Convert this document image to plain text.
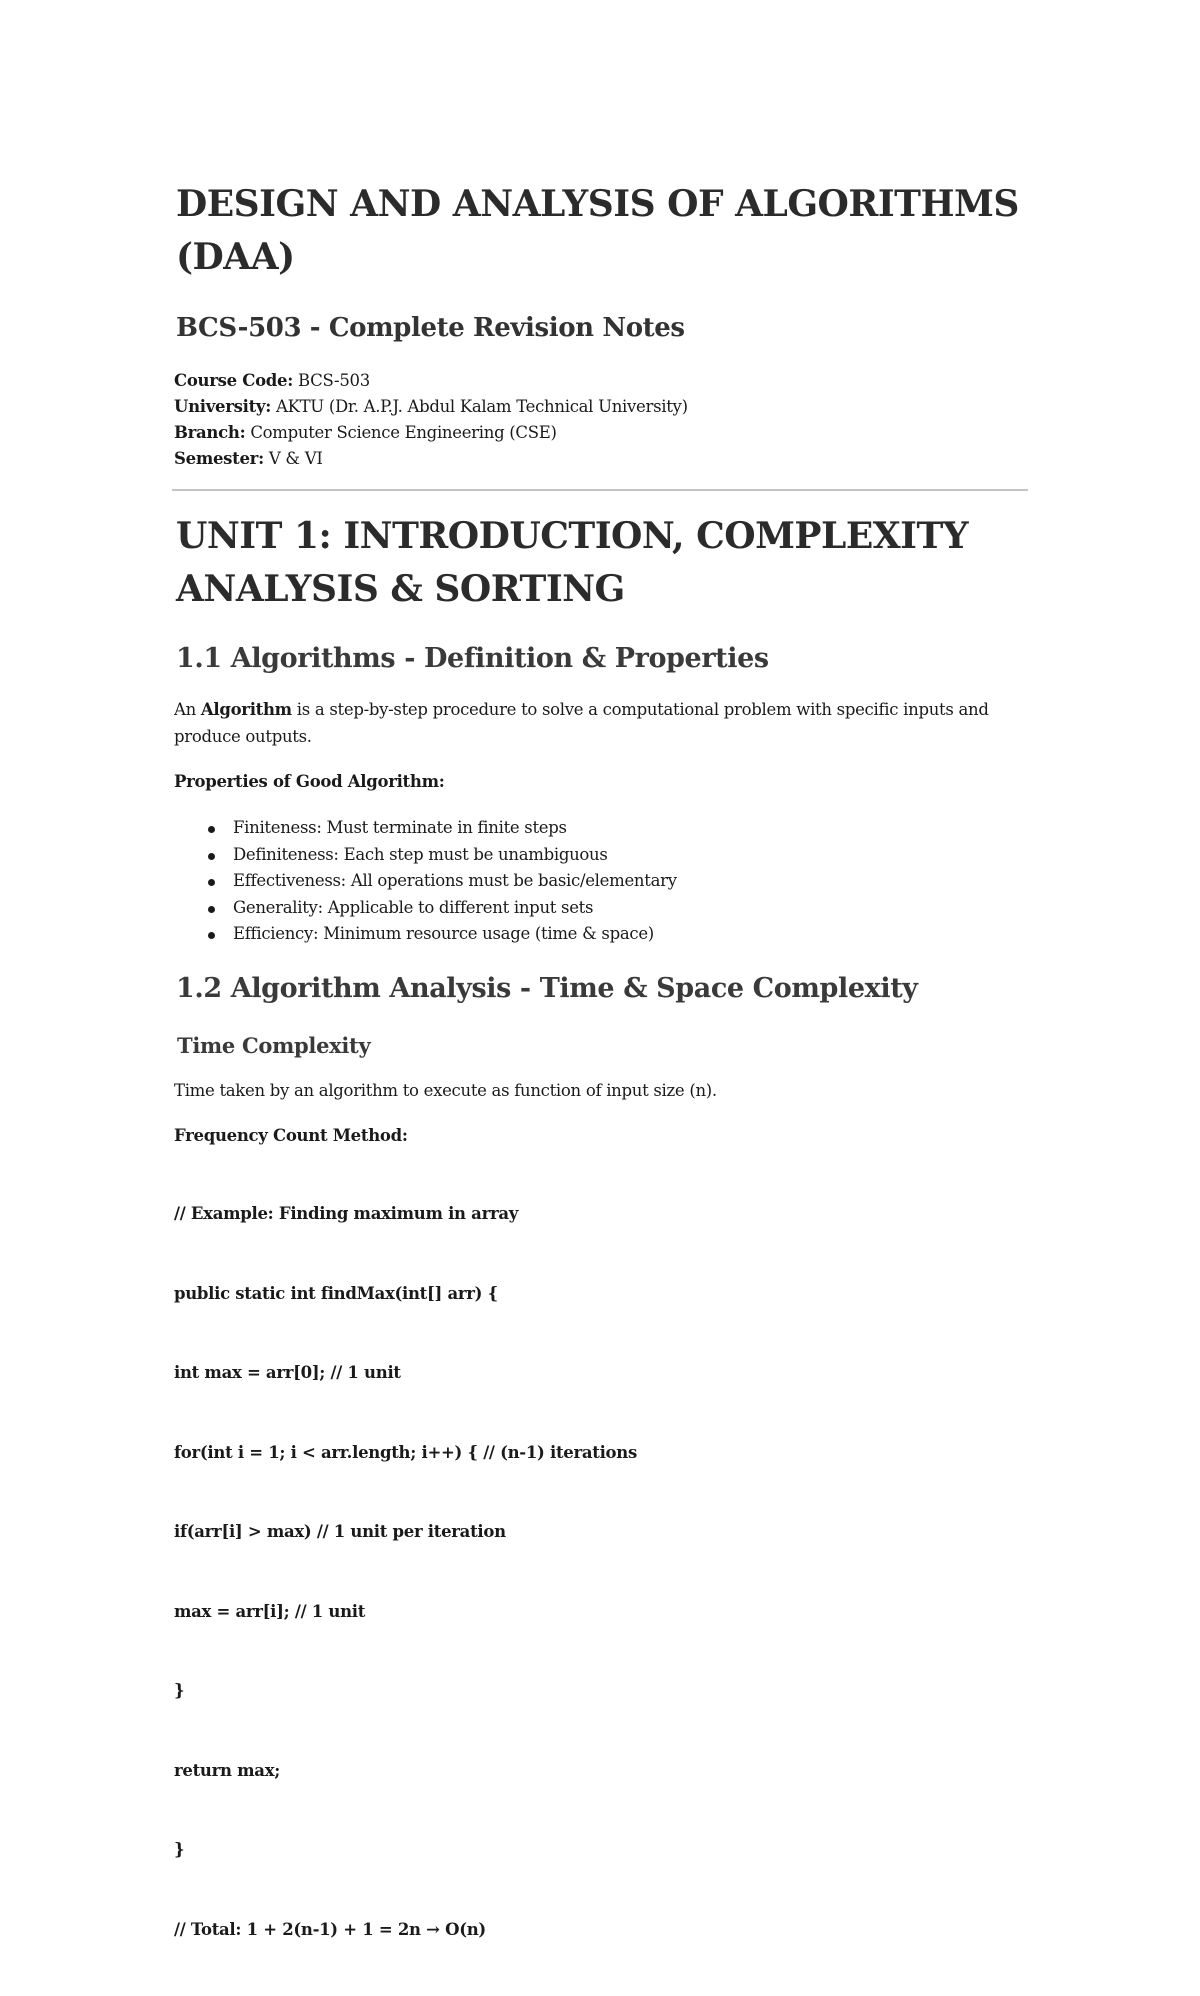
DESIGN AND ANALYSIS OF ALGORITHMS (DAA)
BCS-503 - Complete Revision Notes
Course Code: BCS-503
University: AKTU (Dr. A.P.J. Abdul Kalam Technical University)
Branch: Computer Science Engineering (CSE)
Semester: V & VI
UNIT 1: INTRODUCTION, COMPLEXITY ANALYSIS & SORTING
1.1 Algorithms - Definition & Properties

An Algorithm is a step-by-step procedure to solve a computational problem with specific inputs and produce outputs.

Properties of Good Algorithm:

Finiteness: Must terminate in finite steps
Definiteness: Each step must be unambiguous
Effectiveness: All operations must be basic/elementary
Generality: Applicable to different input sets
Efficiency: Minimum resource usage (time & space)
1.2 Algorithm Analysis - Time & Space Complexity
Time Complexity

Time taken by an algorithm to execute as function of input size (n).

Frequency Count Method:

// Example: Finding maximum in array

public static int findMax(int[] arr) {

int max = arr[0]; // 1 unit

for(int i = 1; i < arr.length; i++) { // (n-1) iterations

if(arr[i] > max) // 1 unit per iteration

max = arr[i]; // 1 unit

}

return max;

}

// Total: 1 + 2(n-1) + 1 = 2n → O(n)
